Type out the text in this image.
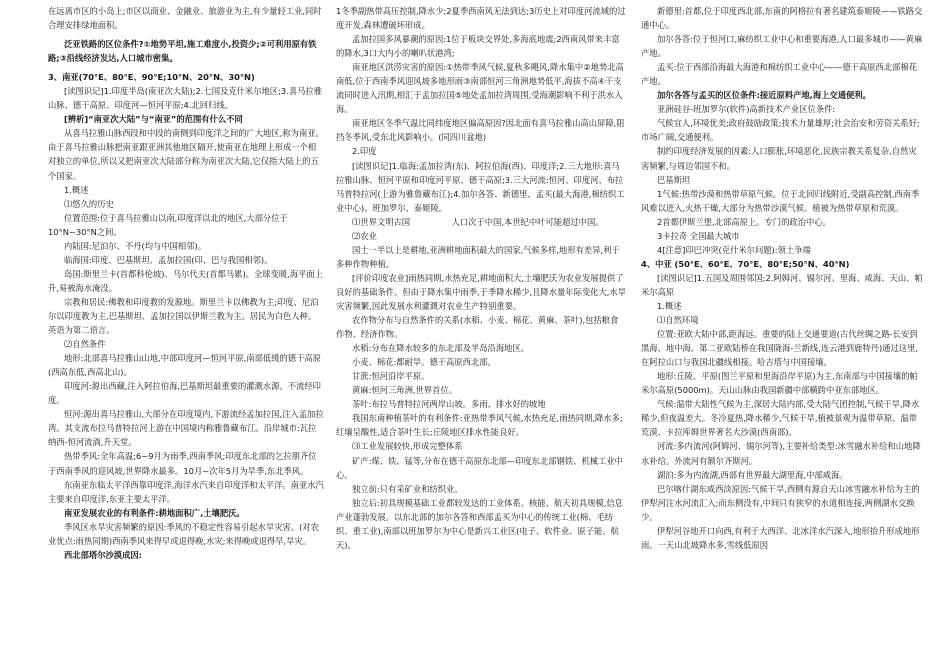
在远离市区的小岛上;市区以商业、金融业、旅游业为主,有少量轻工业,同时合理安排绿地面积。

泛亚铁路的区位条件?①地势平坦,施工难度小,投资少;②可利用原有铁路;③沿线经济发达,人口城市密集。

3、南亚(70°E、80°E、90°E;10°N、20°N、30°N)

[读图识记]1.印度半岛(南亚次大陆);2.七国及克什米尔地区;3.喜马拉雅山脉、德干高原、印度河—恒河平原;4.北回归线。

[辨析]“南亚次大陆”与“南亚”的范围有什么不同

从喜马拉雅山脉西段和中段的南侧到印度洋之间的广大地区,称为南亚。由于喜马拉雅山脉把南亚跟亚洲其他地区隔开,使南亚在地理上形成一个相对独立的单位,所以又把南亚次大陆部分称为南亚次大陆,它仅指大陆上的五个国家。

1.概述

⑴悠久的历史

位置范围:位于喜马拉雅山以南,印度洋以北的地区,大部分位于10°N~30°N之间。

内陆国:尼泊尔、不丹(均与中国相邻)。

临海国:印度、巴基斯坦、孟加拉国(印、巴与我国相邻)。

岛国:斯里兰卡(首都科伦坡)、马尔代夫(首都马累)。全球变暖,海平面上升,易被海水淹没。

宗教和居民:佛教和印度教的发源地。斯里兰卡以佛教为主;印度、尼泊尔以印度教为主,巴基斯坦、孟加拉国以伊斯兰教为主。居民为白色人种。英语为第二语言。

⑵自然条件

地形:北部喜马拉雅山山地,中部印度河—恒河平原,南部低缓的德干高原(西高东低,西高北山)。

印度河:源出西藏,注入阿拉伯海,巴基斯坦最重要的灌溉水源。不流经印度。

恒河:源出喜马拉雅山,大部分在印度境内,下游流经孟加拉国,注入孟加拉湾。其支流布拉马普特拉河上游在中国境内称雅鲁藏布江。沿岸城市:瓦拉纳西-恒河流淌,升天堂。

热带季风:全年高温;6~9月为雨季,西南季风;印度东北部的乞拉朋齐位于西南季风的迎风坡,世界降水最多。10月~次年5月为旱季,东北季风。

东南亚东临太平洋西靠印度洋,海洋水汽来自印度洋和太平洋。南亚水汽主要来自印度洋,东亚主要太平洋。

南亚发展农业的有利条件:耕地面积广,土壤肥沃。

季风区水旱灾害频繁的原因:季风的不稳定性容易引起水旱灾害。(对农业优点:雨热同期)西南季风来得早或退得晚,水灾;来得晚或退得早,旱灾。

西北部塔尔沙漠成因:

1冬季副热带高压控制,降水少;2夏季西南风无法到达;3历史上对印度河流域的过度开发,森林遭破坏形成。

孟加拉国多风暴潮的原因:1位于板块交界处,多海底地震;2西南风带来丰富的降水,3口大内小的喇叭状港湾;

南亚地区洪涝灾害的原因:①热带季风气候,夏秋多飓风,降水集中②地势北高南低,位于西南季风迎风坡多地形雨③南部恒河三角洲地势低平,海拔不高④干支流同时进入汛期,相汇于孟加拉国⑤地处孟加拉湾周围,受海潮影响不利于洪水入海。

南亚地区冬季气温比同纬度地区偏高原因?因北面有喜马拉雅山高山屏障,阻挡冬季风,受东北风影响小。(同四川盆地)

2.印度

[读图识记]1.临海:孟加拉湾(东)、阿拉伯海(西)、印度洋;2.三大地形:喜马拉雅山脉、恒河平原和印度河平原、德干高原;3.三大河流:恒河、印度河、布拉马普特拉河(上游为雅鲁藏布江);4.加尔各答、新德里、孟买(最大海港,棉纺织工业中心)、班加罗尔、泰姬陵。

⑴世界文明古国　　　　　人口次于中国,本世纪中叶可能超过中国。

⑵农业

国土一半以上是耕地,亚洲耕地面积最大的国家,气候多样,地形有差异,利于多种作物种植。

[评价印度农业]雨热同期,水热充足,耕地面积大,土壤肥沃为农业发展提供了良好的基础条件。但由于降水集中雨季,于季降水稀少,且降水量年际变化大,水旱灾害频繁,因此发展水利灌溉对农业生产特别重要。

农作物分布与自然条件的关系(水稻、小麦、棉花、黄麻、茶叶),包括粮食作物、经济作物。

水稻:分布在降水较多的东北部及半岛沿海地区。

小麦、棉花:都耐旱。德干高原西北部。

甘蔗:恒河沿岸平原。

黄麻:恒河三角洲,世界首位。

茶叶:布拉马普特拉河两岸山坡。多雨、排水好的坡地

我国东南种植茶叶的有利条件:亚热带季风气候,水热充足,雨热同期,降水多;红壤呈酸性,适合茶叶生长;丘陵地区排水性能良好。

⑶工业发展较快,形成完整体系

矿产:煤、铁、锰等,分布在德干高原东北部—印度东北部钢铁、机械工业中心。

独立前:只有采矿业和纺织业。

独立后:初具规模基础工业都较发达的工业体系。核能、航天初具规模,信息产业蓬勃发展。以东北部的加尔各答和西部孟买为中心的传统工业(棉、毛纺织、重工业),南部以班加罗尔为中心是新兴工业区(电子、软件业、原子能、航天)。

新德里:首都,位于印度西北部,东南的阿格拉有著名建筑泰姬陵——铁路交通中心。

加尔各答:位于恒河口,麻纺织工业中心和重要海港,人口最多城市——黄麻产地。

孟买:位于西部沿海最大海港和棉纺织工业中心——德干高原西北部棉花产地。

加尔各答与孟买的区位条件:接近原料产地,海上交通便利。

亚洲硅谷-班加罗尔(软件)高新技术产业区位条件:

气候宜人,环境优美;政府鼓励政策;技术力量雄厚;社会治安和劳资关系好;市场广阔,交通便利。

制约印度经济发展的因素:人口膨胀,环境恶化,民族宗教关系复杂,自然灾害频繁,与周边邻国不和。

巴基斯坦

1气候:热带沙漠和热带草原气候。位于北回归线附近,受副高控制,西南季风难以进入,火热干燥,大部分为热带沙漠气候。植被为热带草原和荒漠。

2首都伊斯兰堡,北部高原上。专门的政治中心。

3卡拉奇 全国最大城市

4[注意]印巴冲突(克什米尔问题):领土争端

4、中亚 (50°E、60°E、70°E、80°E;50°N、40°N)

[读图识记]1.五国及周围邻国;2.阿姆河、锡尔河、里海、咸海、天山、帕米尔高原

1.概述

⑴自然环境

位置:亚欧大陆中部,距海远。重要的陆上交通要道(古代丝绸之路-长安到黑海、地中海。第二亚欧陆桥在我国陇海-兰新线,连云港到鹿特丹)通过这里,在阿拉山口与我国北疆线相接。哈吉塔与中国接壤。

地形:丘陵、平原(图兰平原和里海沿岸平原)为主,东南部与中国接壤的帕米尔高原(5000m)。天山山脉由我国新疆中部横跨中亚东部地区。

气候:温带大陆性气候为主,深居大陆内部,受大陆气团控制,气候干旱,降水稀少,但夜温差大。冬冷夏热,降水稀少,气候干旱,植被景观为温带草原、温带荒漠、卡拉库姆世界著名大沙漠(西南部)。

河流:多内流河(阿姆河、锡尔河等),主要补给类型:冰雪融水补给和山地降水补给。外流河有额尔齐斯河。

湖泊:多为内流湖,西部有世界最大湖里海,中部咸海。

巴尔喀什湖东咸西淡原因:气候干旱,西侧有源自天山冰雪融水补给为主的伊犁河注水河流汇入;而东侧没有,中间只有狭窄的水道相连接,两侧湖水交换少。

伊犁河谷地开口向西,有利于大西洋、北冰洋水汽深入,地形抬升形成地形雨。一天山北坡降水多,雪线低原因
